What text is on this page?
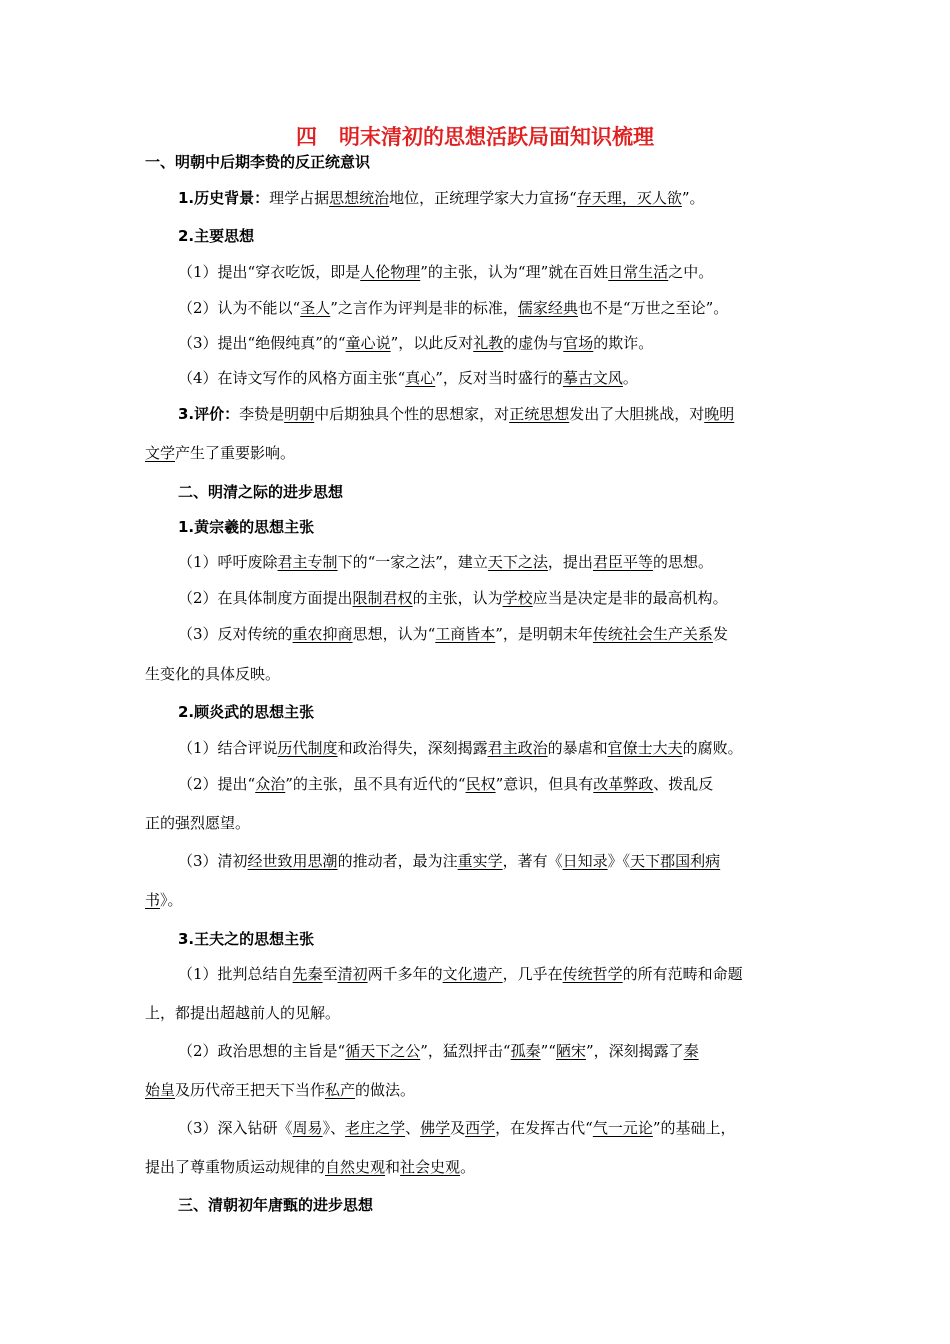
四 明末清初的思想活跃局面知识梳理
一、明朝中后期李贽的反正统意识
1.历史背景：理学占据思想统治地位，正统理学家大力宣扬“存天理，灭人欲”。
2.主要思想
（1）提出“穿衣吃饭，即是人伦物理”的主张，认为“理”就在百姓日常生活之中。
（2）认为不能以“圣人”之言作为评判是非的标准，儒家经典也不是“万世之至论”。
（3）提出“绝假纯真”的“童心说”，以此反对礼教的虚伪与官场的欺诈。
（4）在诗文写作的风格方面主张“真心”，反对当时盛行的摹古文风。
3.评价：李贽是明朝中后期独具个性的思想家，对正统思想发出了大胆挑战，对晚明
文学产生了重要影响。
二、明清之际的进步思想
1.黄宗羲的思想主张
（1）呼吁废除君主专制下的“一家之法”，建立天下之法，提出君臣平等的思想。
（2）在具体制度方面提出限制君权的主张，认为学校应当是决定是非的最高机构。
（3）反对传统的重农抑商思想，认为“工商皆本”，是明朝末年传统社会生产关系发
生变化的具体反映。
2.顾炎武的思想主张
（1）结合评说历代制度和政治得失，深刻揭露君主政治的暴虐和官僚士大夫的腐败。
（2）提出“众治”的主张，虽不具有近代的“民权”意识，但具有改革弊政、拨乱反
正的强烈愿望。
（3）清初经世致用思潮的推动者，最为注重实学，著有《日知录》《天下郡国利病
书》。
3.王夫之的思想主张
（1）批判总结自先秦至清初两千多年的文化遗产，几乎在传统哲学的所有范畴和命题
上，都提出超越前人的见解。
（2）政治思想的主旨是“循天下之公”，猛烈抨击“孤秦”“陋宋”，深刻揭露了秦
始皇及历代帝王把天下当作私产的做法。
（3）深入钻研《周易》、老庄之学、佛学及西学，在发挥古代“气一元论”的基础上，
提出了尊重物质运动规律的自然史观和社会史观。
三、清朝初年唐甄的进步思想
